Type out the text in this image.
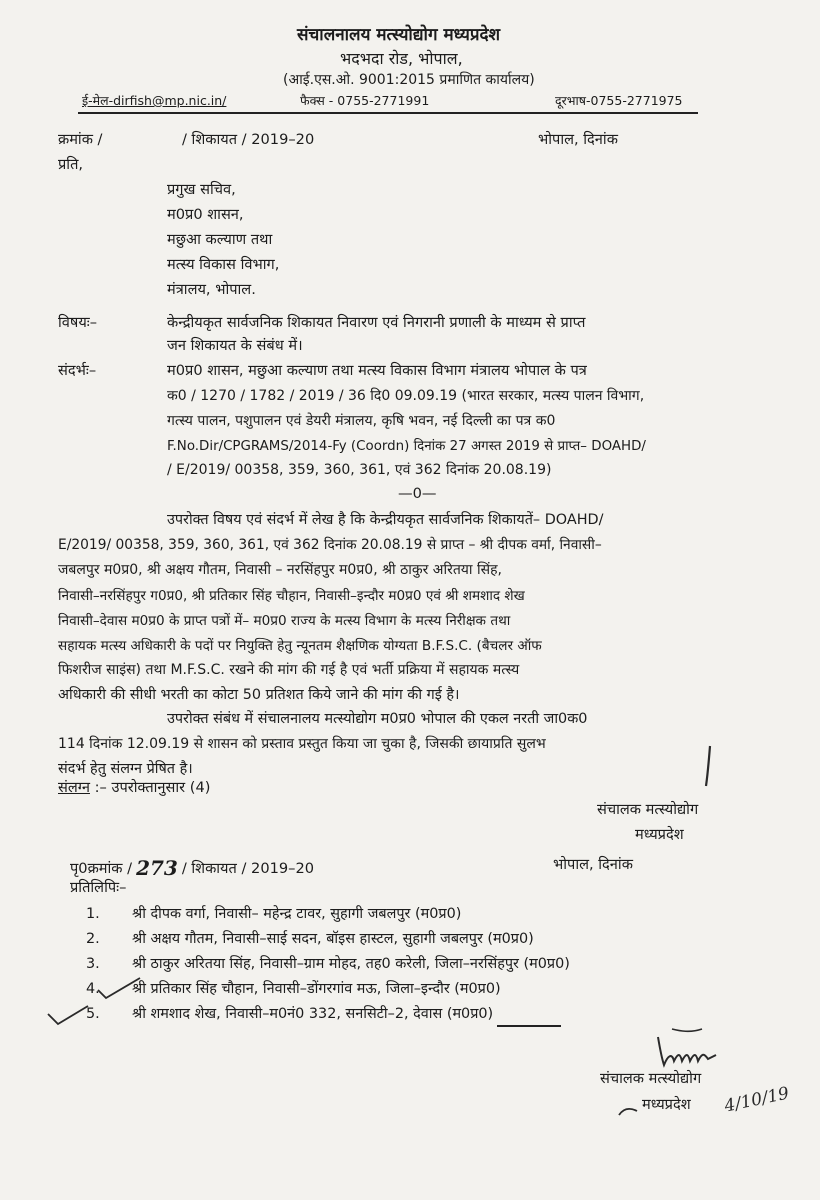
संचालनालय मत्स्योद्योग मध्यप्रदेश
भदभदा रोड, भोपाल,
(आई.एस.ओ. 9001:2015 प्रमाणित कार्यालय)
ई-मेल-dirfish@mp.nic.in/	फैक्स - 0755-2771991	दूरभाष-0755-2771975
क्रमांक /	/ शिकायत / 2019–20	भोपाल, दिनांक
प्रति,
प्रगुख सचिव,
म0प्र0 शासन,
मछुआ कल्याण तथा
मत्स्य विकास विभाग,
मंत्रालय, भोपाल.
विषयः–	केन्द्रीयकृत सार्वजनिक शिकायत निवारण एवं निगरानी प्रणाली के माध्यम से प्राप्त
जन शिकायत के संबंध में।
संदर्भः–	म0प्र0 शासन, मछुआ कल्याण तथा मत्स्य विकास विभाग मंत्रालय भोपाल के पत्र
क0 / 1270 / 1782 / 2019 / 36 दि0 09.09.19 (भारत सरकार, मत्स्य पालन विभाग,
गत्स्य पालन, पशुपालन एवं डेयरी मंत्रालय, कृषि भवन, नई दिल्ली का पत्र क0
F.No.Dir/CPGRAMS/2014-Fy (Coordn) दिनांक 27 अगस्त 2019 से प्राप्त– DOAHD/
/ E/2019/ 00358, 359, 360, 361, एवं 362 दिनांक 20.08.19)
—0—
उपरोक्त विषय एवं संदर्भ में लेख है कि केन्द्रीयकृत सार्वजनिक शिकायतें– DOAHD/
E/2019/ 00358, 359, 360, 361, एवं 362 दिनांक 20.08.19 से प्राप्त – श्री दीपक वर्मा, निवासी–
जबलपुर म0प्र0, श्री अक्षय गौतम, निवासी – नरसिंहपुर म0प्र0, श्री ठाकुर अरितया सिंह,
निवासी–नरसिंहपुर ग0प्र0, श्री प्रतिकार सिंह चौहान, निवासी–इन्दौर म0प्र0 एवं श्री शमशाद शेख
निवासी–देवास म0प्र0 के प्राप्त पत्रों में– म0प्र0 राज्य के मत्स्य विभाग के मत्स्य निरीक्षक तथा
सहायक मत्स्य अधिकारी के पदों पर नियुक्ति हेतु न्यूनतम शैक्षणिक योग्यता B.F.S.C. (बैचलर ऑफ
फिशरीज साइंस) तथा M.F.S.C. रखने की मांग की गई है एवं भर्ती प्रक्रिया में सहायक मत्स्य
अधिकारी की सीधी भरती का कोटा 50 प्रतिशत किये जाने की मांग की गई है।
उपरोक्त संबंध में संचालनालय मत्स्योद्योग म0प्र0 भोपाल की एकल नरती जा0क0
114 दिनांक 12.09.19 से शासन को प्रस्ताव प्रस्तुत किया जा चुका है, जिसकी छायाप्रति सुलभ
संदर्भ हेतु संलग्न प्रेषित है।
संलग्न :– उपरोक्तानुसार (4)
संचालक मत्स्योद्योग
मध्यप्रदेश
पृ0क्रमांक / 273 / शिकायत / 2019–20	भोपाल, दिनांक
प्रतिलिपिः–
1. श्री दीपक वर्गा, निवासी– महेन्द्र टावर, सुहागी जबलपुर (म0प्र0)
2. श्री अक्षय गौतम, निवासी–साई सदन, बॉइस हास्टल, सुहागी जबलपुर (म0प्र0)
3. श्री ठाकुर अरितया सिंह, निवासी–ग्राम मोहद, तह0 करेली, जिला–नरसिंहपुर (म0प्र0)
4. श्री प्रतिकार सिंह चौहान, निवासी–डोंगरगांव मऊ, जिला–इन्दौर (म0प्र0)
5. श्री शमशाद शेख, निवासी–म0नं0 332, सनसिटी–2, देवास (म0प्र0)
संचालक मत्स्योद्योग
मध्यप्रदेश 4/10/19
